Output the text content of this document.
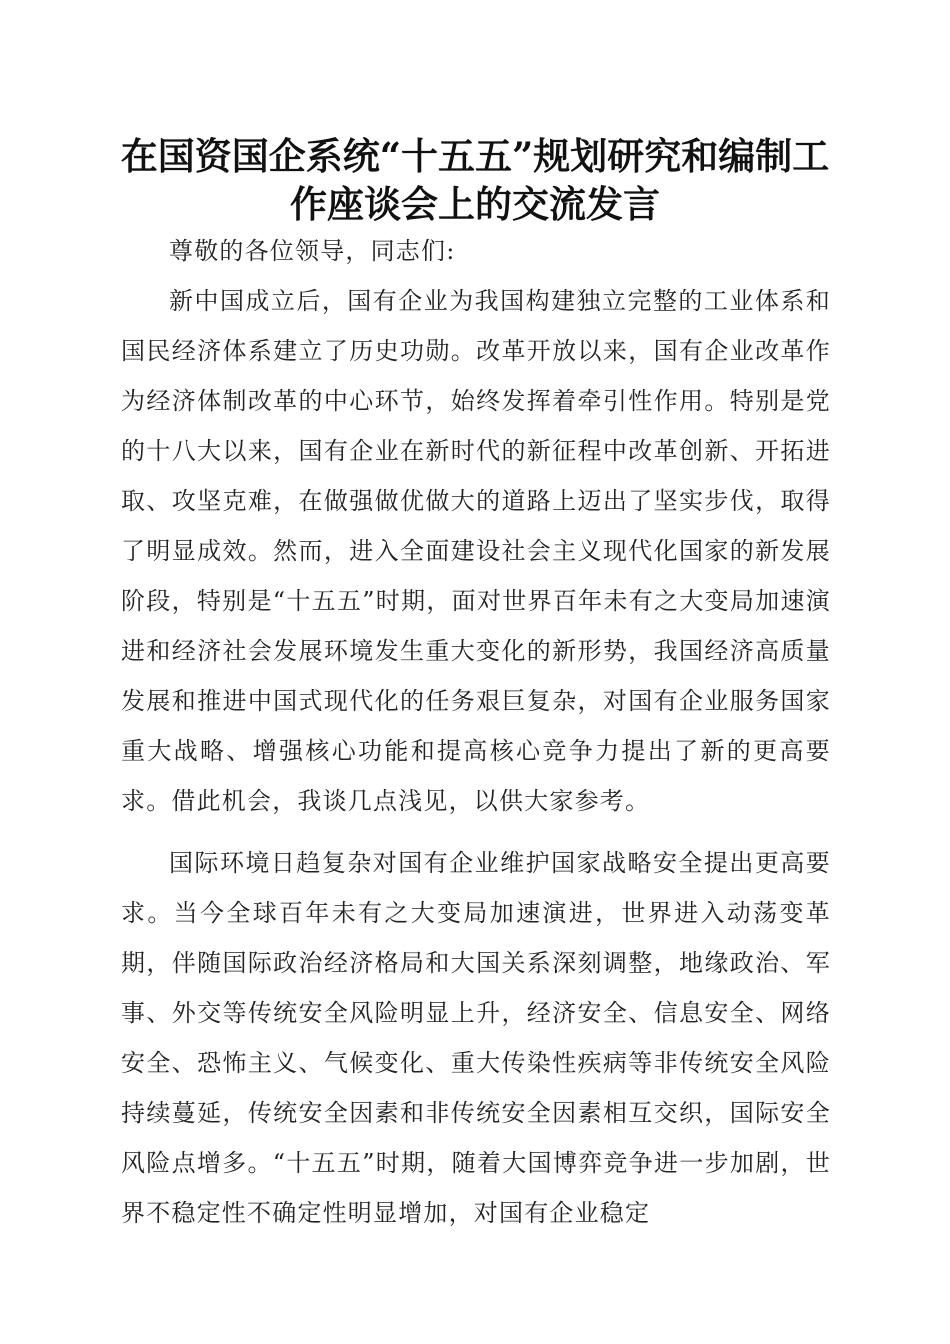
在国资国企系统“十五五”规划研究和编制工作座谈会上的交流发言

尊敬的各位领导，同志们:

新中国成立后，国有企业为我国构建独立完整的工业体系和国民经济体系建立了历史功勋。改革开放以来，国有企业改革作为经济体制改革的中心环节，始终发挥着牵引性作用。特别是党的十八大以来，国有企业在新时代的新征程中改革创新、开拓进取、攻坚克难，在做强做优做大的道路上迈出了坚实步伐，取得了明显成效。然而，进入全面建设社会主义现代化国家的新发展阶段，特别是“十五五”时期，面对世界百年未有之大变局加速演进和经济社会发展环境发生重大变化的新形势，我国经济高质量发展和推进中国式现代化的任务艰巨复杂，对国有企业服务国家重大战略、增强核心功能和提高核心竞争力提出了新的更高要求。借此机会，我谈几点浅见，以供大家参考。

国际环境日趋复杂对国有企业维护国家战略安全提出更高要求。当今全球百年未有之大变局加速演进，世界进入动荡变革期，伴随国际政治经济格局和大国关系深刻调整，地缘政治、军事、外交等传统安全风险明显上升，经济安全、信息安全、网络安全、恐怖主义、气候变化、重大传染性疾病等非传统安全风险持续蔓延，传统安全因素和非传统安全因素相互交织，国际安全风险点增多。“十五五”时期，随着大国博弈竞争进一步加剧，世界不稳定性不确定性明显增加，对国有企业稳定
